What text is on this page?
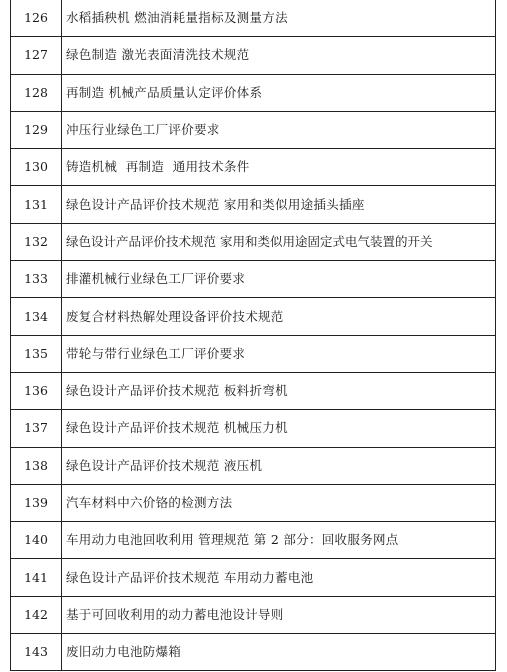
126	水稻插秧机 燃油消耗量指标及测量方法
127	绿色制造 激光表面清洗技术规范
128	再制造 机械产品质量认定评价体系
129	冲压行业绿色工厂评价要求
130	铸造机械  再制造  通用技术条件
131	绿色设计产品评价技术规范 家用和类似用途插头插座
132	绿色设计产品评价技术规范 家用和类似用途固定式电气装置的开关
133	排灌机械行业绿色工厂评价要求
134	废复合材料热解处理设备评价技术规范
135	带轮与带行业绿色工厂评价要求
136	绿色设计产品评价技术规范 板料折弯机
137	绿色设计产品评价技术规范 机械压力机
138	绿色设计产品评价技术规范 液压机
139	汽车材料中六价铬的检测方法
140	车用动力电池回收利用 管理规范 第 2 部分：回收服务网点
141	绿色设计产品评价技术规范 车用动力蓄电池
142	基于可回收利用的动力蓄电池设计导则
143	废旧动力电池防爆箱
